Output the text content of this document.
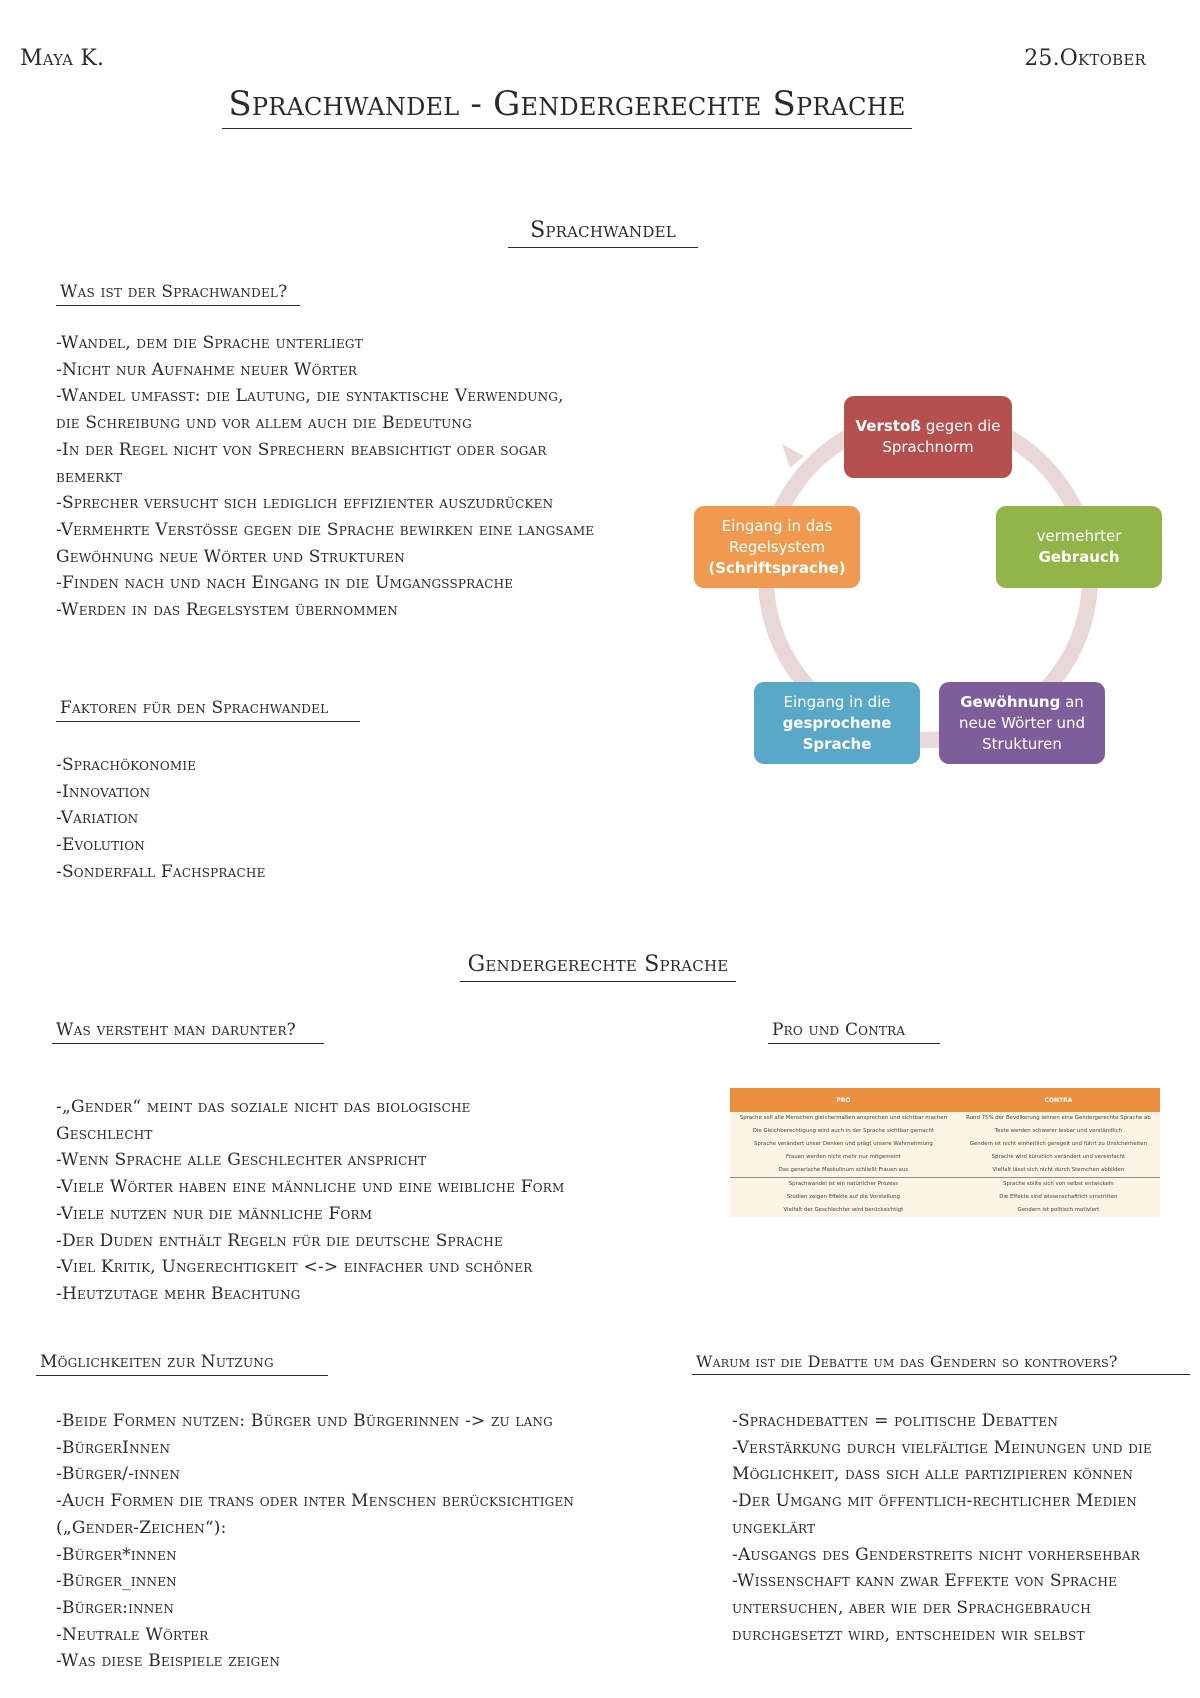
Maya K.	25.Oktober
Sprachwandel - Gendergerechte Sprache
Sprachwandel
Was ist der Sprachwandel?
-Wandel, dem die Sprache unterliegt
-Nicht nur Aufnahme neuer Wörter
-Wandel umfasst: die Lautung, die syntaktische Verwendung,
die Schreibung und vor allem auch die Bedeutung
-In der Regel nicht von Sprechern beabsichtigt oder sogar
bemerkt
-Sprecher versucht sich lediglich effizienter auszudrücken
-Vermehrte Verstösse gegen die Sprache bewirken eine langsame
Gewöhnung neue Wörter und Strukturen
-Finden nach und nach Eingang in die Umgangssprache
-Werden in das Regelsystem übernommen
Faktoren für den Sprachwandel
-Sprachökonomie
-Innovation
-Variation
-Evolution
-Sonderfall Fachsprache
Verstoß gegen die Sprachnorm
vermehrter
Gebrauch
Gewöhnung an neue Wörter und Strukturen
Eingang in die
gesprochene Sprache
Eingang in das Regelsystem
(Schriftsprache)
Gendergerechte Sprache
Was versteht man darunter?
-„Gender“ meint das soziale nicht das biologische
Geschlecht
-Wenn Sprache alle Geschlechter anspricht
-Viele Wörter haben eine männliche und eine weibliche Form
-Viele nutzen nur die männliche Form
-Der Duden enthält Regeln für die deutsche Sprache
-Viel Kritik, Ungerechtigkeit <-> einfacher und schöner
-Heutzutage mehr Beachtung
Pro und Contra
PRO	CONTRA
Sprache soll alle Menschen gleichermaßen ansprechen und sichtbar machen	Rund 75% der Bevölkerung lehnen eine Gendergerechte Sprache ab
Die Gleichberechtigung wird auch in der Sprache sichtbar gemacht	Texte werden schwerer lesbar und verständlich
Sprache verändert unser Denken und prägt unsere Wahrnehmung	Gendern ist nicht einheitlich geregelt und führt zu Unsicherheiten
Frauen werden nicht mehr nur mitgemeint	Sprache wird künstlich verändert und vereinfacht
Das generische Maskulinum schließt Frauen aus	Vielfalt lässt sich nicht durch Sternchen abbilden
Sprachwandel ist ein natürlicher Prozess	Sprache sollte sich von selbst entwickeln
Studien zeigen Effekte auf die Vorstellung	Die Effekte sind wissenschaftlich umstritten
Vielfalt der Geschlechter wird berücksichtigt	Gendern ist politisch motiviert
Möglichkeiten zur Nutzung
-Beide Formen nutzen: Bürger und Bürgerinnen -> zu lang
-BürgerInnen
-Bürger/-innen
-Auch Formen die trans oder inter Menschen berücksichtigen
(„Gender-Zeichen“):
-Bürger*innen
-Bürger_innen
-Bürger:innen
-Neutrale Wörter
-Was diese Beispiele zeigen
Warum ist die Debatte um das Gendern so kontrovers?
-Sprachdebatten = politische Debatten
-Verstärkung durch vielfältige Meinungen und die
Möglichkeit, dass sich alle partizipieren können
-Der Umgang mit öffentlich-rechtlicher Medien
ungeklärt
-Ausgangs des Genderstreits nicht vorhersehbar
-Wissenschaft kann zwar Effekte von Sprache
untersuchen, aber wie der Sprachgebrauch
durchgesetzt wird, entscheiden wir selbst
